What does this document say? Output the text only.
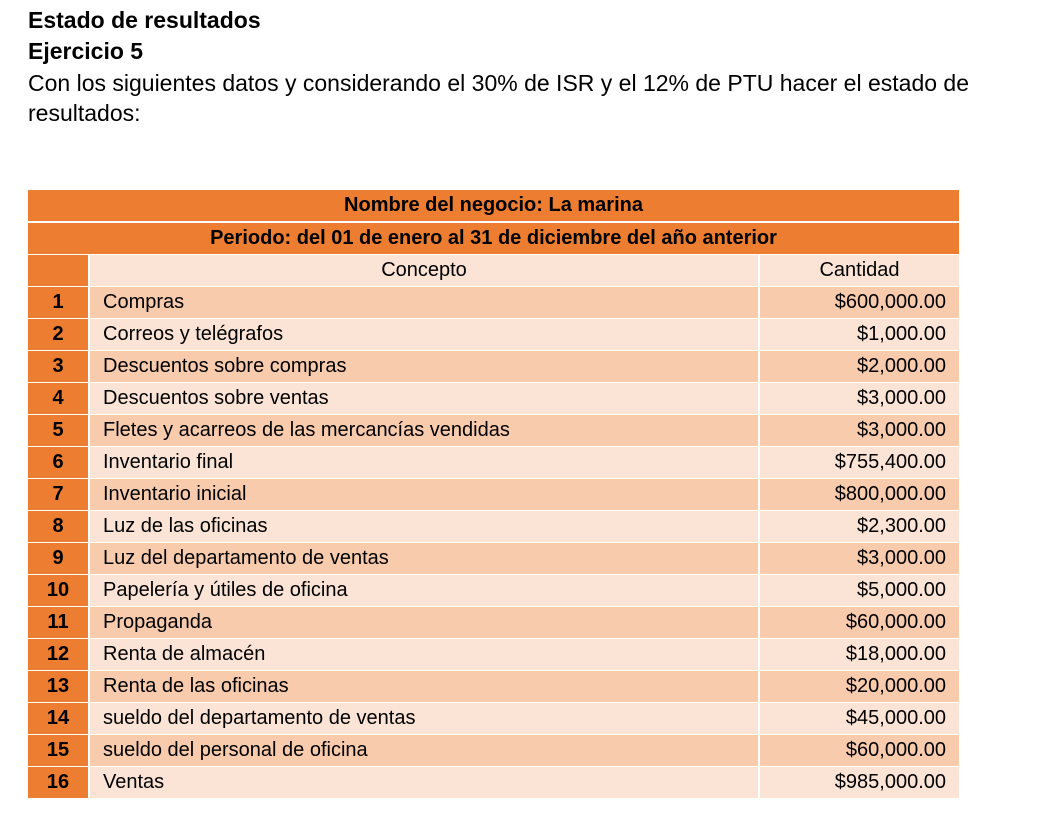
Estado de resultados

Ejercicio 5

Con los siguientes datos y considerando el 30% de ISR y el 12% de PTU hacer el estado de resultados:

Nombre del negocio: La marina		
Periodo: del 01 de enero al 31 de diciembre del año anterior		
	Concepto	Cantidad
1	Compras	$600,000.00
2	Correos y telégrafos	$1,000.00
3	Descuentos sobre compras	$2,000.00
4	Descuentos sobre ventas	$3,000.00
5	Fletes y acarreos de las mercancías vendidas	$3,000.00
6	Inventario final	$755,400.00
7	Inventario inicial	$800,000.00
8	Luz de las oficinas	$2,300.00
9	Luz del departamento de ventas	$3,000.00
10	Papelería y útiles de oficina	$5,000.00
11	Propaganda	$60,000.00
12	Renta de almacén	$18,000.00
13	Renta de las oficinas	$20,000.00
14	sueldo del departamento de ventas	$45,000.00
15	sueldo del personal de oficina	$60,000.00
16	Ventas	$985,000.00
